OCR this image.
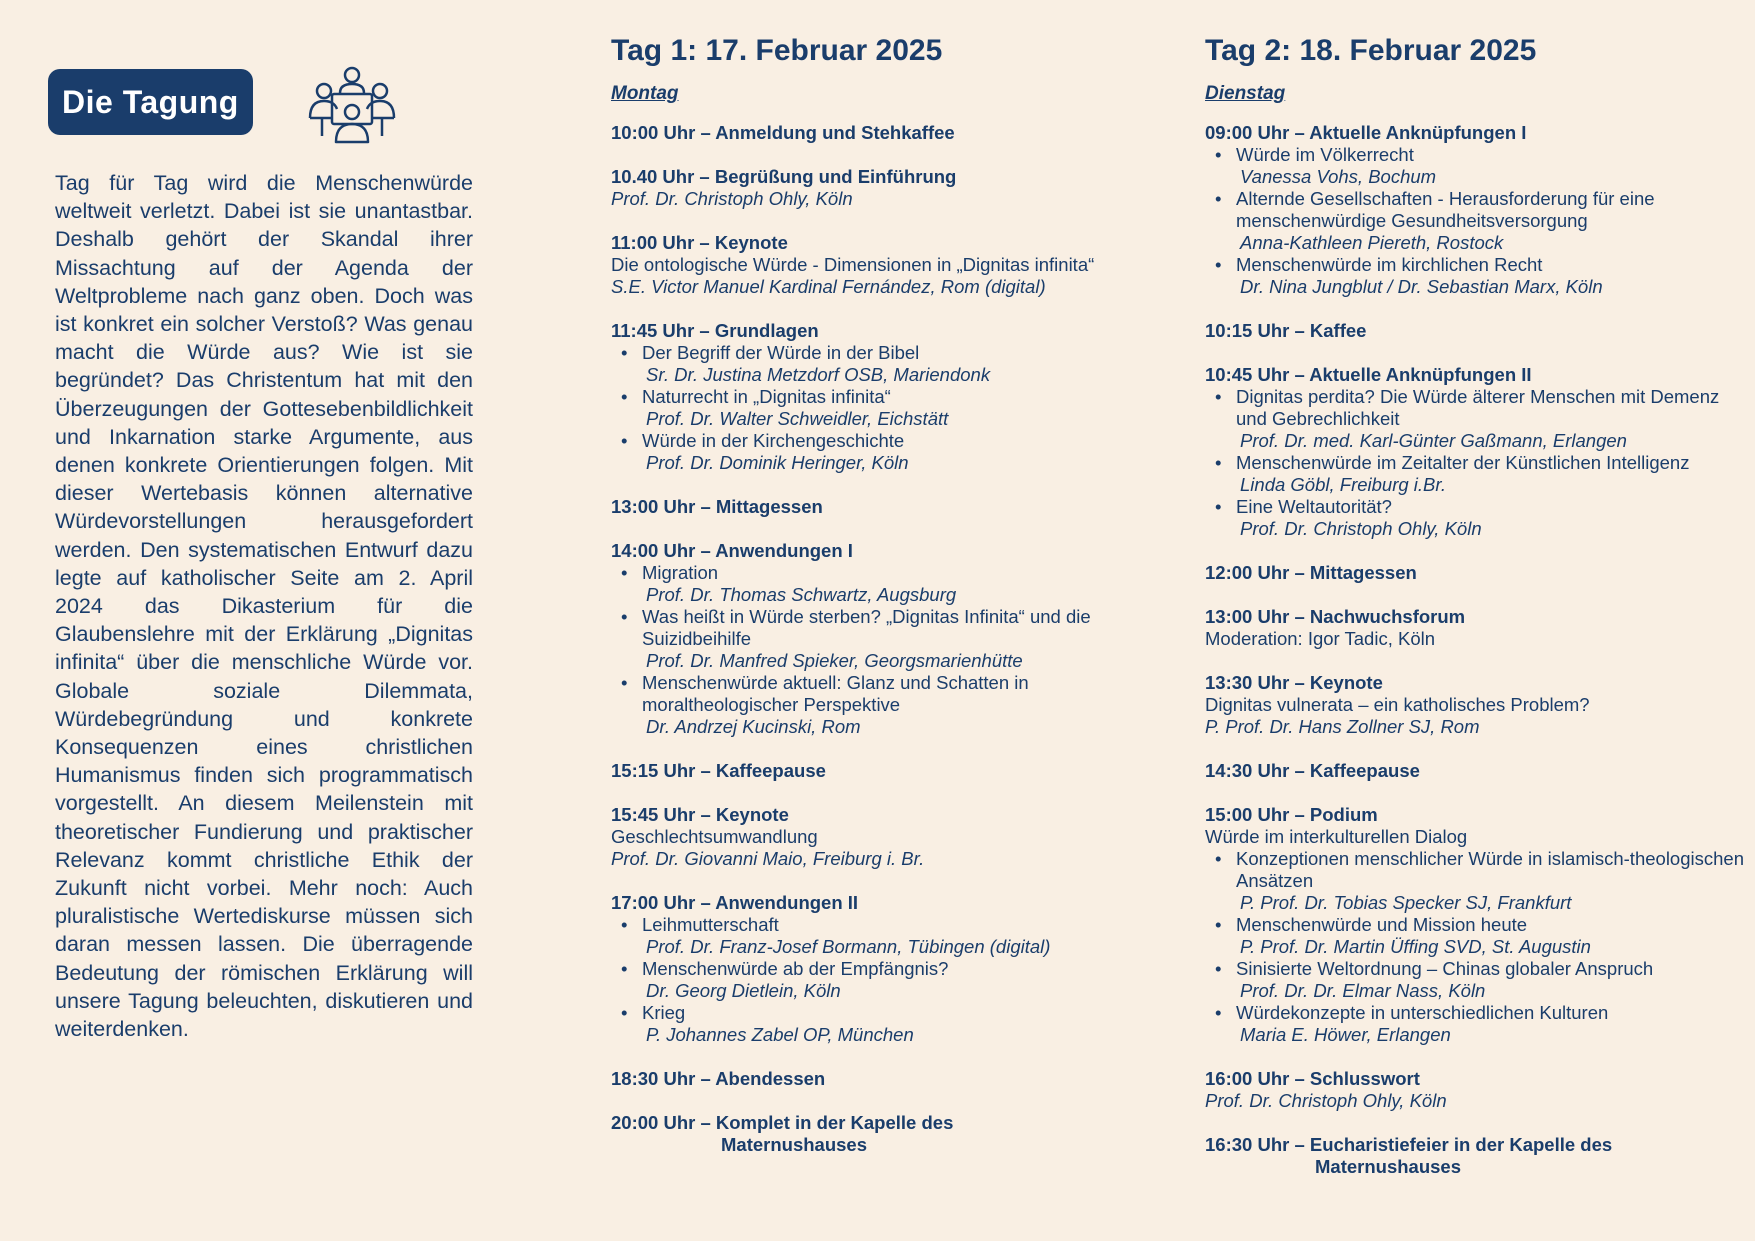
Die Tagung

Tag für Tag wird die Menschenwürde weltweit verletzt. Dabei ist sie unantastbar. Deshalb gehört der Skandal ihrer Missachtung auf der Agenda der Weltprobleme nach ganz oben. Doch was ist konkret ein solcher Verstoß? Was genau macht die Würde aus? Wie ist sie begründet? Das Christentum hat mit den Überzeugungen der Gottesebenbildlichkeit und Inkarnation starke Argumente, aus denen konkrete Orientierungen folgen. Mit dieser Wertebasis können alternative Würdevorstellungen herausgefordert werden. Den systematischen Entwurf dazu legte auf katholischer Seite am 2. April 2024 das Dikasterium für die Glaubenslehre mit der Erklärung „Dignitas infinita“ über die menschliche Würde vor. Globale soziale Dilemmata, Würdebegründung und konkrete Konsequenzen eines christlichen Humanismus finden sich programmatisch vorgestellt. An diesem Meilenstein mit theoretischer Fundierung und praktischer Relevanz kommt christliche Ethik der Zukunft nicht vorbei. Mehr noch: Auch pluralistische Wertediskurse müssen sich daran messen lassen. Die überragende Bedeutung der römischen Erklärung will unsere Tagung beleuchten, diskutieren und weiterdenken.

Tag 1: 17. Februar 2025
Montag
10:00 Uhr – Anmeldung und Stehkaffee
10.40 Uhr – Begrüßung und Einführung
Prof. Dr. Christoph Ohly, Köln
11:00 Uhr – Keynote
Die ontologische Würde - Dimensionen in „Dignitas infinita“
S.E. Victor Manuel Kardinal Fernández, Rom (digital)
11:45 Uhr – Grundlagen
• Der Begriff der Würde in der Bibel
Sr. Dr. Justina Metzdorf OSB, Mariendonk
• Naturrecht in „Dignitas infinita“
Prof. Dr. Walter Schweidler, Eichstätt
• Würde in der Kirchengeschichte
Prof. Dr. Dominik Heringer, Köln
13:00 Uhr – Mittagessen
14:00 Uhr – Anwendungen I
• Migration
Prof. Dr. Thomas Schwartz, Augsburg
• Was heißt in Würde sterben? „Dignitas Infinita“ und die Suizidbeihilfe
Prof. Dr. Manfred Spieker, Georgsmarienhütte
• Menschenwürde aktuell: Glanz und Schatten in moraltheologischer Perspektive
Dr. Andrzej Kucinski, Rom
15:15 Uhr – Kaffeepause
15:45 Uhr – Keynote
Geschlechtsumwandlung
Prof. Dr. Giovanni Maio, Freiburg i. Br.
17:00 Uhr – Anwendungen II
• Leihmutterschaft
Prof. Dr. Franz-Josef Bormann, Tübingen (digital)
• Menschenwürde ab der Empfängnis?
Dr. Georg Dietlein, Köln
• Krieg
P. Johannes Zabel OP, München
18:30 Uhr – Abendessen
20:00 Uhr – Komplet in der Kapelle des
Maternushauses
Tag 2: 18. Februar 2025
Dienstag
09:00 Uhr – Aktuelle Anknüpfungen I
• Würde im Völkerrecht
Vanessa Vohs, Bochum
• Alternde Gesellschaften - Herausforderung für eine menschenwürdige Gesundheitsversorgung
Anna-Kathleen Piereth, Rostock
• Menschenwürde im kirchlichen Recht
Dr. Nina Jungblut / Dr. Sebastian Marx, Köln
10:15 Uhr – Kaffee
10:45 Uhr – Aktuelle Anknüpfungen II
• Dignitas perdita? Die Würde älterer Menschen mit Demenz und Gebrechlichkeit
Prof. Dr. med. Karl-Günter Gaßmann, Erlangen
• Menschenwürde im Zeitalter der Künstlichen Intelligenz
Linda Göbl, Freiburg i.Br.
• Eine Weltautorität?
Prof. Dr. Christoph Ohly, Köln
12:00 Uhr – Mittagessen
13:00 Uhr – Nachwuchsforum
Moderation: Igor Tadic, Köln
13:30 Uhr – Keynote
Dignitas vulnerata – ein katholisches Problem?
P. Prof. Dr. Hans Zollner SJ, Rom
14:30 Uhr – Kaffeepause
15:00 Uhr – Podium
Würde im interkulturellen Dialog
• Konzeptionen menschlicher Würde in islamisch-theologischen Ansätzen
P. Prof. Dr. Tobias Specker SJ, Frankfurt
• Menschenwürde und Mission heute
P. Prof. Dr. Martin Üffing SVD, St. Augustin
• Sinisierte Weltordnung – Chinas globaler Anspruch
Prof. Dr. Dr. Elmar Nass, Köln
• Würdekonzepte in unterschiedlichen Kulturen
Maria E. Höwer, Erlangen
16:00 Uhr – Schlusswort
Prof. Dr. Christoph Ohly, Köln
16:30 Uhr – Eucharistiefeier in der Kapelle des
Maternushauses
